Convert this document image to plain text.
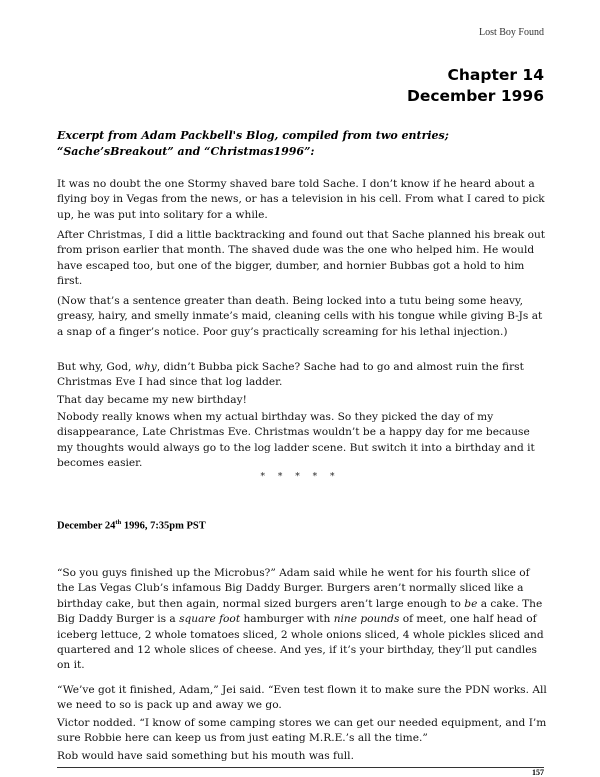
Lost Boy Found
Chapter 14
December 1996
Excerpt from Adam Packbell's Blog, compiled from two entries;
“Sache’sBreakout” and “Christmas1996”:

It was no doubt the one Stormy shaved bare told Sache. I don’t know if he heard about a flying boy in Vegas from the news, or has a television in his cell. From what I cared to pick up, he was put into solitary for a while.

After Christmas, I did a little backtracking and found out that Sache planned his break out from prison earlier that month. The shaved dude was the one who helped him. He would have escaped too, but one of the bigger, dumber, and hornier Bubbas got a hold to him first.

(Now that’s a sentence greater than death. Being locked into a tutu being some heavy, greasy, hairy, and smelly inmate’s maid, cleaning cells with his tongue while giving B-Js at a snap of a finger’s notice. Poor guy’s practically screaming for his lethal injection.)

But why, God, why, didn’t Bubba pick Sache? Sache had to go and almost ruin the first Christmas Eve I had since that log ladder.

That day became my new birthday!

Nobody really knows when my actual birthday was. So they picked the day of my disappearance, Late Christmas Eve. Christmas wouldn’t be a happy day for me because my thoughts would always go to the log ladder scene. But switch it into a birthday and it becomes easier.

* * * * *
December 24th 1996, 7:35pm PST

“So you guys finished up the Microbus?” Adam said while he went for his fourth slice of the Las Vegas Club’s infamous Big Daddy Burger. Burgers aren’t normally sliced like a birthday cake, but then again, normal sized burgers aren’t large enough to be a cake. The Big Daddy Burger is a square foot hamburger with nine pounds of meet, one half head of iceberg lettuce, 2 whole tomatoes sliced, 2 whole onions sliced, 4 whole pickles sliced and quartered and 12 whole slices of cheese. And yes, if it’s your birthday, they’ll put candles on it.

“We’ve got it finished, Adam,” Jei said. “Even test flown it to make sure the PDN works. All we need to so is pack up and away we go.

Victor nodded. “I know of some camping stores we can get our needed equipment, and I’m sure Robbie here can keep us from just eating M.R.E.’s all the time.”

Rob would have said something but his mouth was full.

157
